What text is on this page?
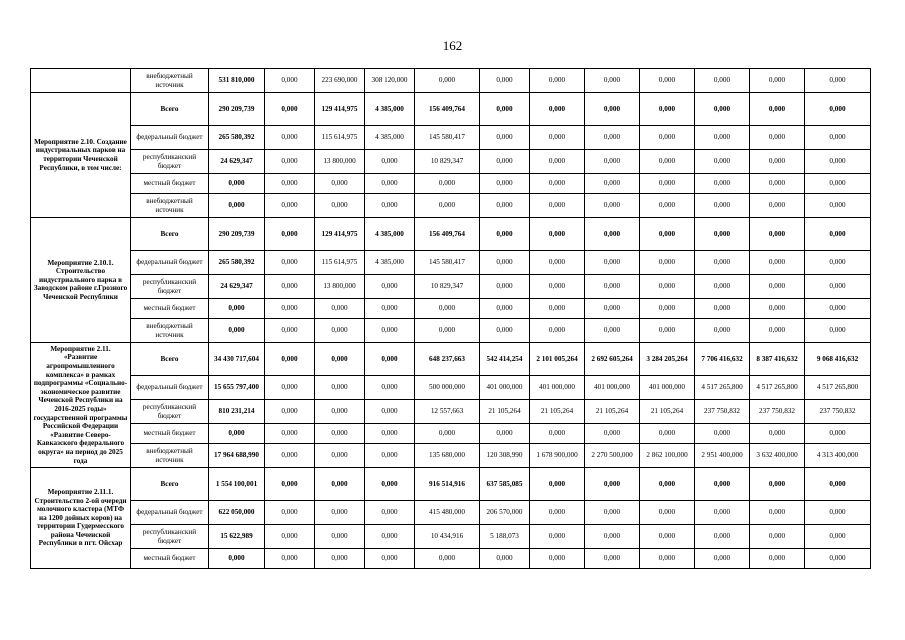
162
	внебюджетный источник	531 810,000	0,000	223 690,000	308 120,000	0,000	0,000	0,000	0,000	0,000	0,000	0,000	0,000
Мероприятие 2.10. Создание индустриальных парков на территории Чеченской Республики, в том числе:	Всего	290 209,739	0,000	129 414,975	4 385,000	156 409,764	0,000	0,000	0,000	0,000	0,000	0,000	0,000
	федеральный бюджет	265 580,392	0,000	115 614,975	4 385,000	145 580,417	0,000	0,000	0,000	0,000	0,000	0,000	0,000
	республиканский бюджет	24 629,347	0,000	13 800,000	0,000	10 829,347	0,000	0,000	0,000	0,000	0,000	0,000	0,000
	местный бюджет	0,000	0,000	0,000	0,000	0,000	0,000	0,000	0,000	0,000	0,000	0,000	0,000
	внебюджетный источник	0,000	0,000	0,000	0,000	0,000	0,000	0,000	0,000	0,000	0,000	0,000	0,000
Мероприятие 2.10.1. Строительство индустриального парка в Заводском районе г.Грозного Чеченской Республики	Всего	290 209,739	0,000	129 414,975	4 385,000	156 409,764	0,000	0,000	0,000	0,000	0,000	0,000	0,000
	федеральный бюджет	265 580,392	0,000	115 614,975	4 385,000	145 580,417	0,000	0,000	0,000	0,000	0,000	0,000	0,000
	республиканский бюджет	24 629,347	0,000	13 800,000	0,000	10 829,347	0,000	0,000	0,000	0,000	0,000	0,000	0,000
	местный бюджет	0,000	0,000	0,000	0,000	0,000	0,000	0,000	0,000	0,000	0,000	0,000	0,000
	внебюджетный источник	0,000	0,000	0,000	0,000	0,000	0,000	0,000	0,000	0,000	0,000	0,000	0,000
Мероприятие 2.11. «Развитие агропромышленного комплекса» в рамках подпрограммы «Социально-экономическое развитие Чеченской Республики на 2016-2025 годы» государственной программы Российской Федерации «Развитие Северо-Кавказского федерального округа» на период до 2025 года	Всего	34 430 717,604	0,000	0,000	0,000	648 237,663	542 414,254	2 101 005,264	2 692 605,264	3 284 205,264	7 706 416,632	8 387 416,632	9 068 416,632
	федеральный бюджет	15 655 797,400	0,000	0,000	0,000	500 000,000	401 000,000	401 000,000	401 000,000	401 000,000	4 517 265,800	4 517 265,800	4 517 265,800
	республиканский бюджет	810 231,214	0,000	0,000	0,000	12 557,663	21 105,264	21 105,264	21 105,264	21 105,264	237 750,832	237 750,832	237 750,832
	местный бюджет	0,000	0,000	0,000	0,000	0,000	0,000	0,000	0,000	0,000	0,000	0,000	0,000
	внебюджетный источник	17 964 688,990	0,000	0,000	0,000	135 680,000	120 308,990	1 678 900,000	2 270 500,000	2 862 100,000	2 951 400,000	3 632 400,000	4 313 400,000
Мероприятие 2.11.1. Строительство 2-ой очереди молочного кластера (МТФ на 1200 дойных коров) на территории Гудермесского района Чеченской Республики в пгт. Ойсхар	Всего	1 554 100,001	0,000	0,000	0,000	916 514,916	637 585,085	0,000	0,000	0,000	0,000	0,000	0,000
	федеральный бюджет	622 050,000	0,000	0,000	0,000	415 480,000	206 570,000	0,000	0,000	0,000	0,000	0,000	0,000
	республиканский бюджет	15 622,989	0,000	0,000	0,000	10 434,916	5 188,073	0,000	0,000	0,000	0,000	0,000	0,000
	местный бюджет	0,000	0,000	0,000	0,000	0,000	0,000	0,000	0,000	0,000	0,000	0,000	0,000
